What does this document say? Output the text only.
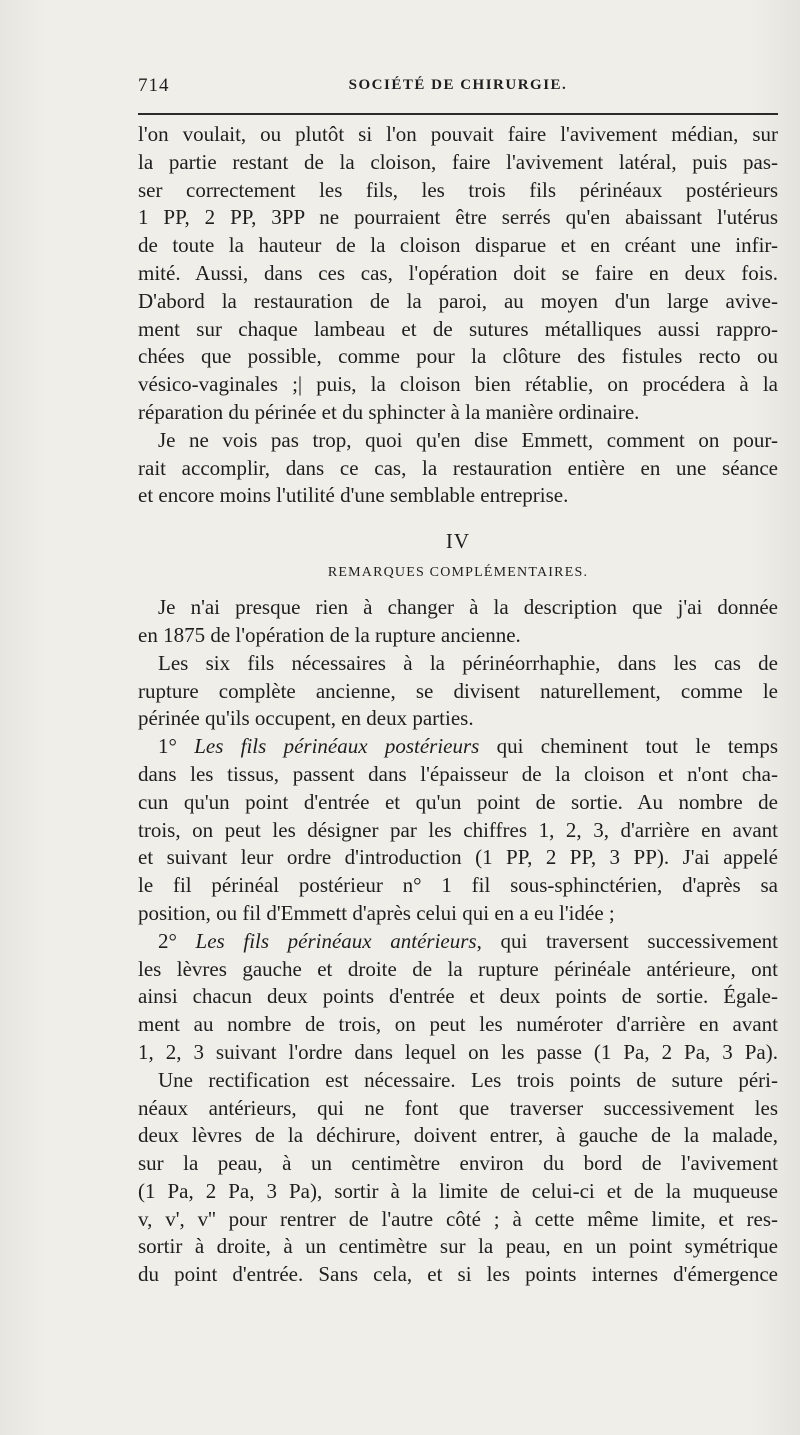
714	SOCIÉTÉ DE CHIRURGIE.
l'on voulait, ou plutôt si l'on pouvait faire l'avivement médian, sur
la partie restant de la cloison, faire l'avivement latéral, puis pas-
ser correctement les fils, les trois fils périnéaux postérieurs
1 PP, 2 PP, 3PP ne pourraient être serrés qu'en abaissant l'utérus
de toute la hauteur de la cloison disparue et en créant une infir-
mité. Aussi, dans ces cas, l'opération doit se faire en deux fois.
D'abord la restauration de la paroi, au moyen d'un large avive-
ment sur chaque lambeau et de sutures métalliques aussi rappro-
chées que possible, comme pour la clôture des fistules recto ou
vésico-vaginales ;| puis, la cloison bien rétablie, on procédera à la
réparation du périnée et du sphincter à la manière ordinaire.
Je ne vois pas trop, quoi qu'en dise Emmett, comment on pour-
rait accomplir, dans ce cas, la restauration entière en une séance
et encore moins l'utilité d'une semblable entreprise.
IV
REMARQUES COMPLÉMENTAIRES.
Je n'ai presque rien à changer à la description que j'ai donnée
en 1875 de l'opération de la rupture ancienne.
Les six fils nécessaires à la périnéorrhaphie, dans les cas de
rupture complète ancienne, se divisent naturellement, comme le
périnée qu'ils occupent, en deux parties.
1° Les fils périnéaux postérieurs qui cheminent tout le temps
dans les tissus, passent dans l'épaisseur de la cloison et n'ont cha-
cun qu'un point d'entrée et qu'un point de sortie. Au nombre de
trois, on peut les désigner par les chiffres 1, 2, 3, d'arrière en avant
et suivant leur ordre d'introduction (1 PP, 2 PP, 3 PP). J'ai appelé
le fil périnéal postérieur n° 1 fil sous-sphinctérien, d'après sa
position, ou fil d'Emmett d'après celui qui en a eu l'idée ;
2° Les fils périnéaux antérieurs, qui traversent successivement
les lèvres gauche et droite de la rupture périnéale antérieure, ont
ainsi chacun deux points d'entrée et deux points de sortie. Égale-
ment au nombre de trois, on peut les numéroter d'arrière en avant
1, 2, 3 suivant l'ordre dans lequel on les passe (1 Pa, 2 Pa, 3 Pa).
Une rectification est nécessaire. Les trois points de suture péri-
néaux antérieurs, qui ne font que traverser successivement les
deux lèvres de la déchirure, doivent entrer, à gauche de la malade,
sur la peau, à un centimètre environ du bord de l'avivement
(1 Pa, 2 Pa, 3 Pa), sortir à la limite de celui-ci et de la muqueuse
v, v', v'' pour rentrer de l'autre côté ; à cette même limite, et res-
sortir à droite, à un centimètre sur la peau, en un point symétrique
du point d'entrée. Sans cela, et si les points internes d'émergence
